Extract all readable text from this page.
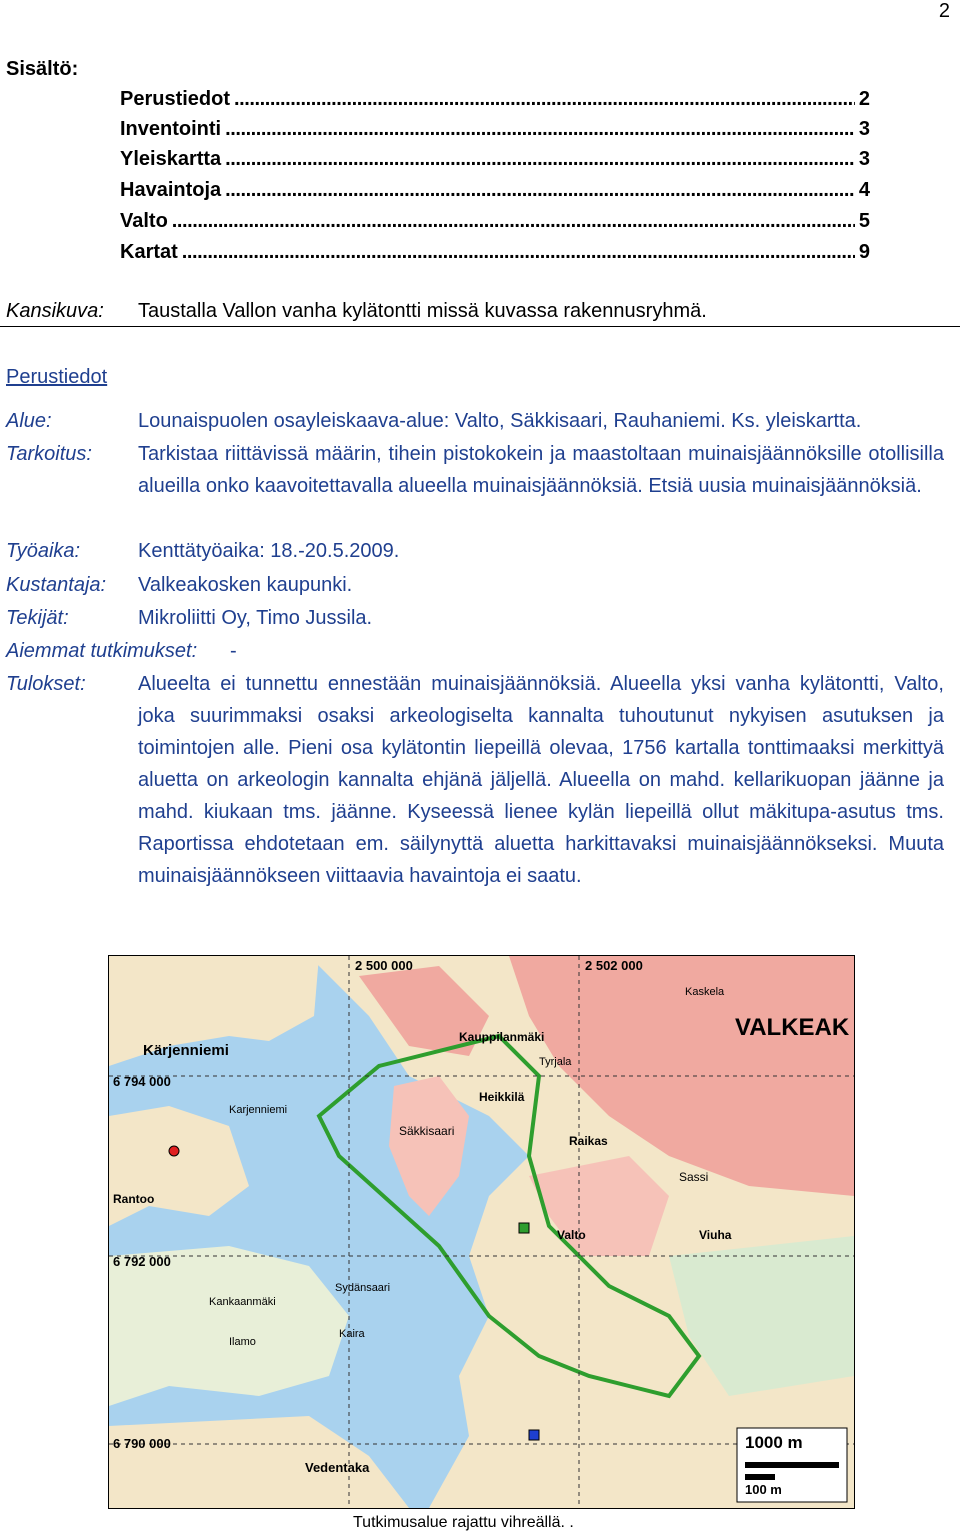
2
Sisältö:
Perustiedot . . .	2
Inventointi . . .	3
Yleiskartta . . .	3
Havaintoja . . .	4
Valto . . .	5
Kartat . . .	9
Kansikuva: Taustalla Vallon vanha kylätontti missä kuvassa rakennusryhmä.
Perustiedot
Alue:	Lounaispuolen osayleiskaava-alue: Valto, Säkkisaari, Rauhaniemi. Ks. yleiskartta.
Tarkoitus: Tarkistaa riittävissä määrin, tihein pistokokein ja maastoltaan muinaisjäännöksille otollisilla alueilla onko kaavoitettavalla alueella muinaisjäännöksiä. Etsiä uusia muinaisjäännöksiä.
Työaika:	Kenttätyöaika: 18.-20.5.2009.
Kustantaja: Valkeakosken kaupunki.
Tekijät:	Mikroliitti Oy, Timo Jussila.
Aiemmat tutkimukset: -
Tulokset:	Alueelta ei tunnettu ennestään muinaisjäännöksiä. Alueella yksi vanha kylätontti, Valto, joka suurimmaksi osaksi arkeologiselta kannalta tuhoutunut nykyisen asutuksen ja toimintojen alle. Pieni osa kylätontin liepeillä olevaa, 1756 kartalla tonttimaaksi merkittyä aluetta on arkeologin kannalta ehjänä jäljellä. Alueella on mahd. kellarikuopan jäänne ja mahd. kiukaan tms. jäänne. Kyseessä lienee kylän liepeillä ollut mäkitupa-asutus tms. Raportissa ehdotetaan em. säilynyttä aluetta harkittavaksi muinaisjäännökseksi. Muuta muinaisjäännökseen viittaavia havaintoja ei saatu.
2 500 000	2 502 000
6 794 000
6 792 000
6 790 000
Kärjenniemi
Kauppilanmäki
Heikkilä
Säkkisaari
Raikas
Sassi
Valto	Viuha
Sydänsaari
Kankaanmäki
Kaira
Ilamo
Rantoo
Vedentaka
Tyrjala
Kaskela
Karjenniemi
VALKEAK
1000 m
100 m
Tutkimusalue rajattu vihreällä. .
